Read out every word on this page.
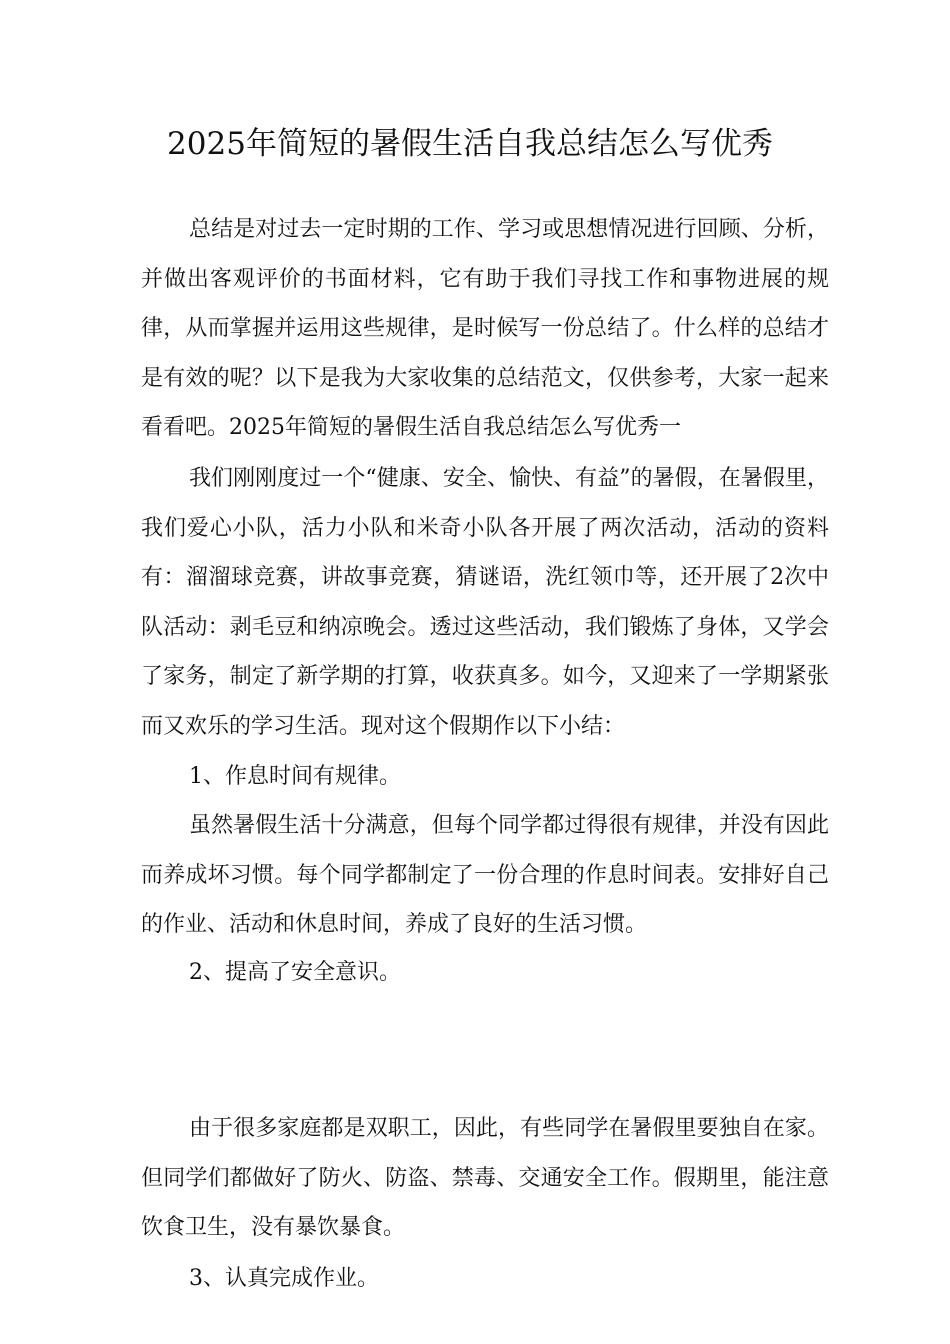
2025年简短的暑假生活自我总结怎么写优秀

总结是对过去一定时期的工作、学习或思想情况进行回顾、分析，并做出客观评价的书面材料，它有助于我们寻找工作和事物进展的规律，从而掌握并运用这些规律，是时候写一份总结了。什么样的总结才是有效的呢？以下是我为大家收集的总结范文，仅供参考，大家一起来看看吧。2025年简短的暑假生活自我总结怎么写优秀一

我们刚刚度过一个“健康、安全、愉快、有益”的暑假，在暑假里，我们爱心小队，活力小队和米奇小队各开展了两次活动，活动的资料有：溜溜球竞赛，讲故事竞赛，猜谜语，洗红领巾等，还开展了2次中队活动：剥毛豆和纳凉晚会。透过这些活动，我们锻炼了身体，又学会了家务，制定了新学期的打算，收获真多。如今，又迎来了一学期紧张而又欢乐的学习生活。现对这个假期作以下小结：

1、作息时间有规律。

虽然暑假生活十分满意，但每个同学都过得很有规律，并没有因此而养成坏习惯。每个同学都制定了一份合理的作息时间表。安排好自己的作业、活动和休息时间，养成了良好的生活习惯。

2、提高了安全意识。

由于很多家庭都是双职工，因此，有些同学在暑假里要独自在家。但同学们都做好了防火、防盗、禁毒、交通安全工作。假期里，能注意饮食卫生，没有暴饮暴食。

3、认真完成作业。
